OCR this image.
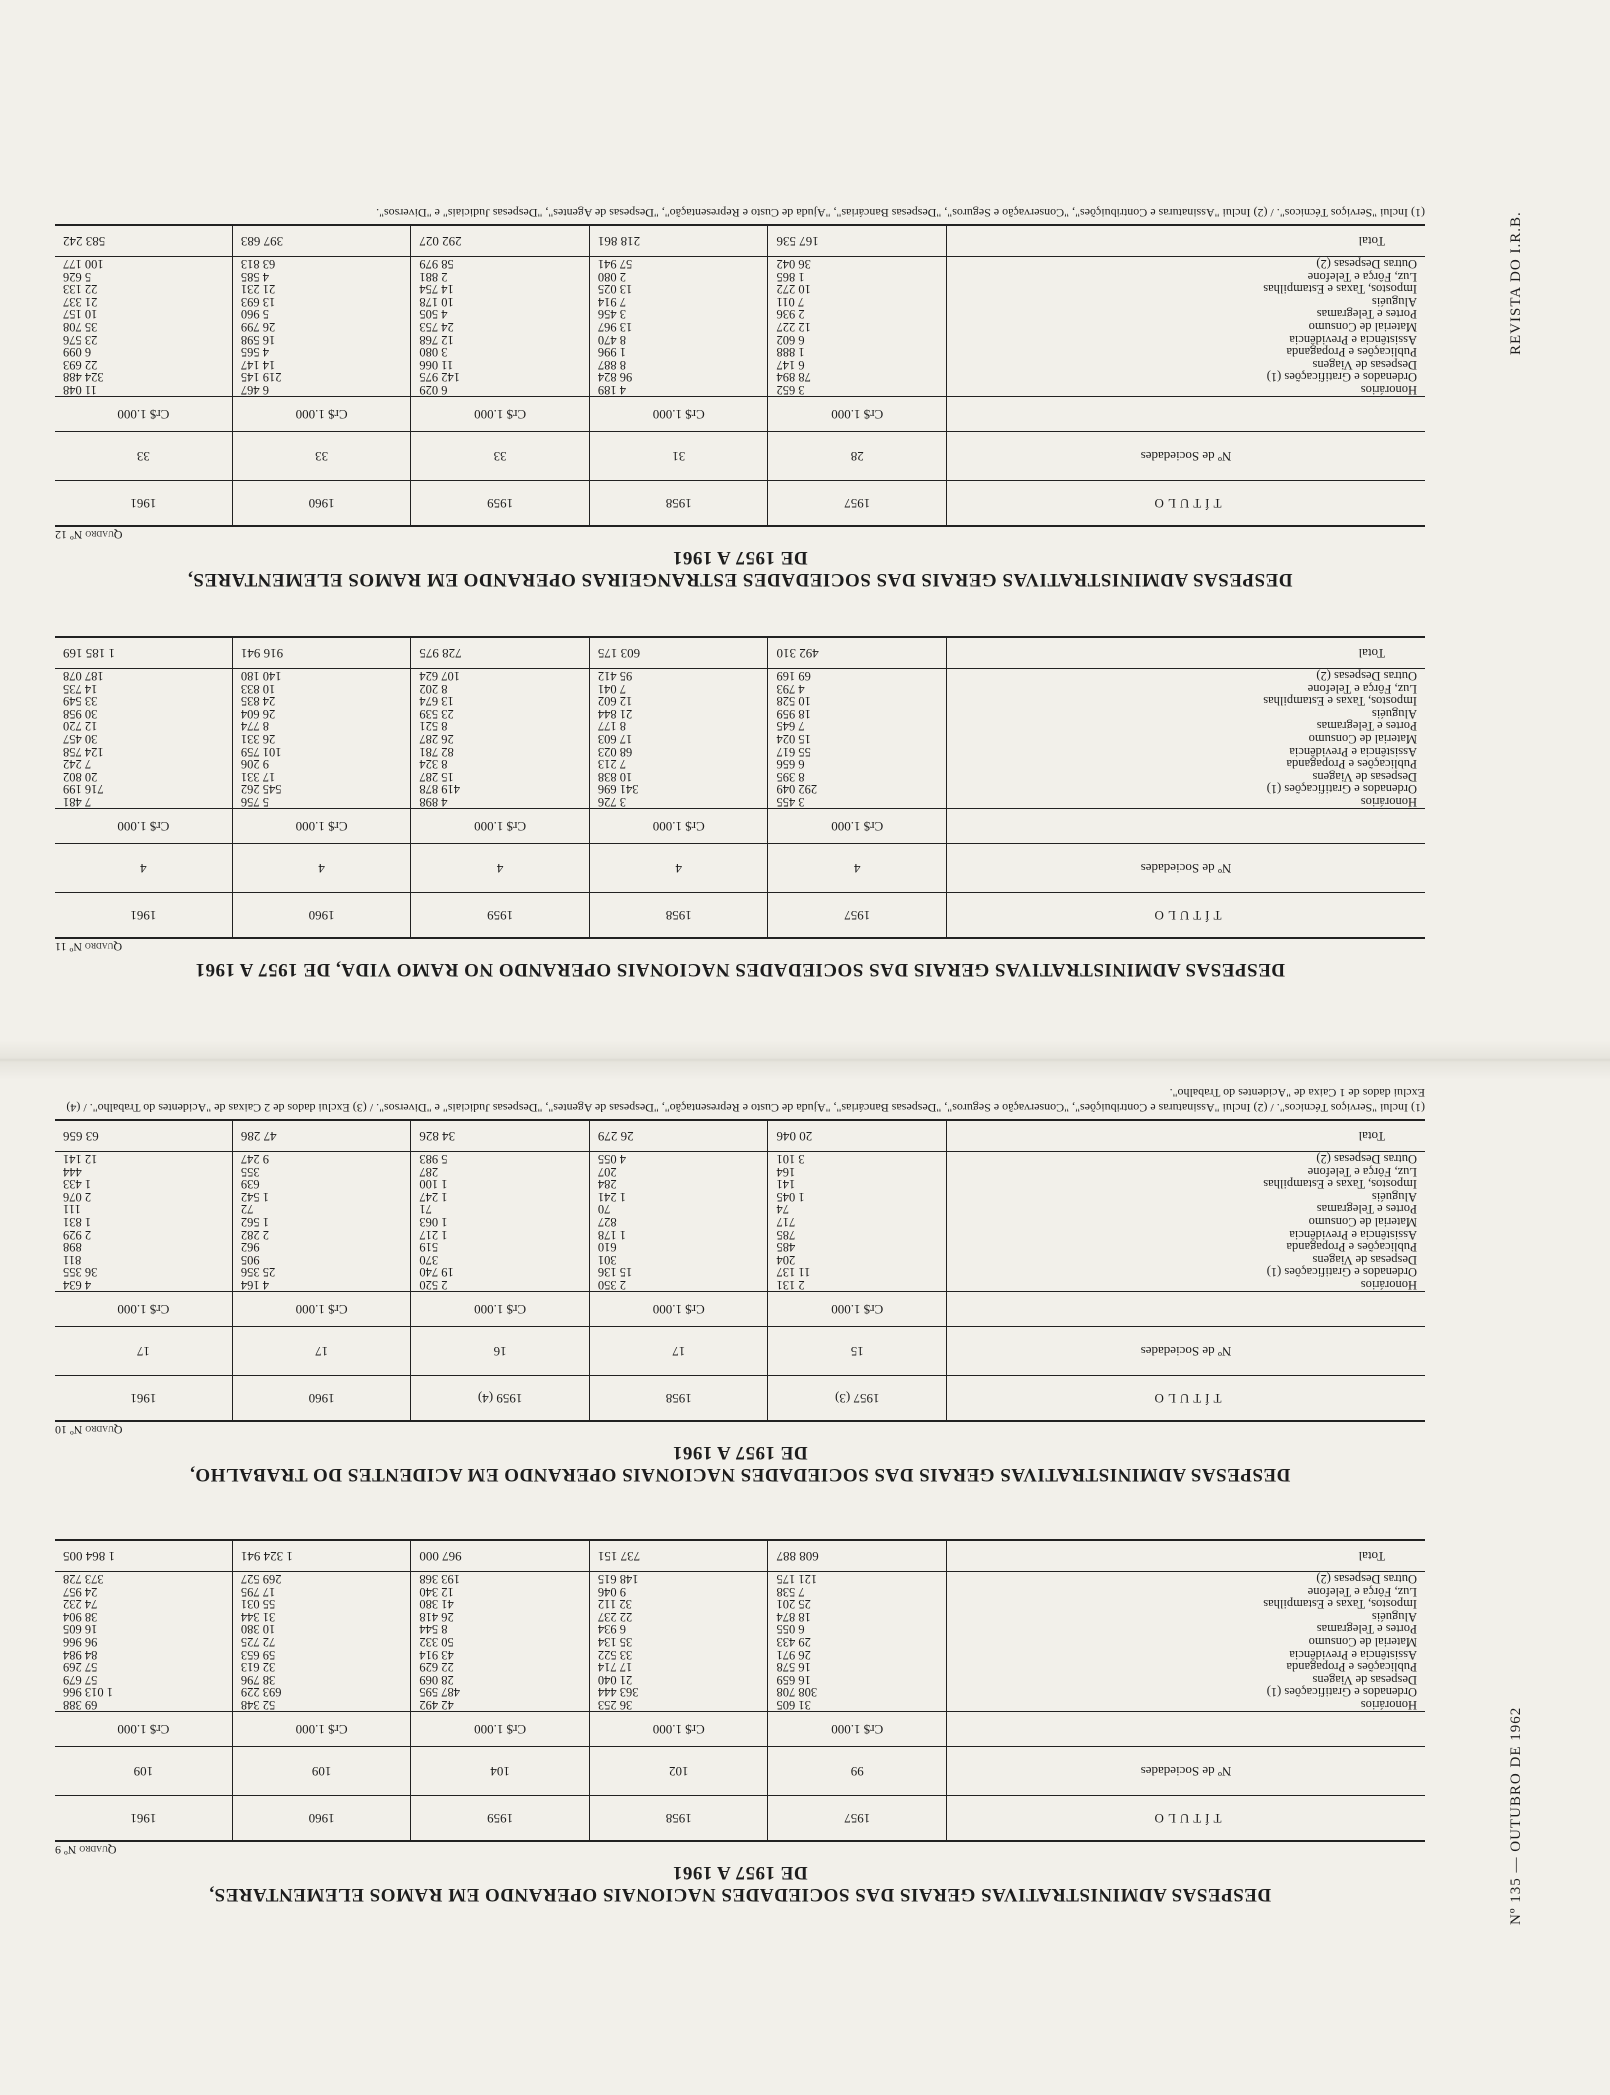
Nº 135 — OUTUBRO DE 1962
REVISTA DO I.R.B.
DESPESAS ADMINISTRATIVAS GERAIS DAS SOCIEDADES NACIONAIS OPERANDO EM RAMOS ELEMENTARES,
DE 1957 A 1961
Quadro Nº 9
TÍTULO	1957	1958	1959	1960	1961
Nº de Sociedades	99	102	104	109	109
	Cr$ 1.000	Cr$ 1.000	Cr$ 1.000	Cr$ 1.000	Cr$ 1.000
Honorários	31 605	36 253	42 492	52 348	69 388
Ordenados e Gratificações (1)	308 708	363 444	487 595	693 229	1 013 966
Despesas de Viagens	16 659	21 040	28 069	38 796	57 679
Publicações e Propaganda	16 578	17 714	22 629	32 613	57 269
Assistência e Previdência	26 971	33 522	43 914	59 653	84 984
Material de Consumo	29 433	35 134	50 332	72 725	96 966
Portes e Telegramas	6 055	6 934	8 544	10 380	16 605
Aluguéis	18 874	22 237	26 418	31 344	38 904
Impostos, Taxas e Estampilhas	25 201	32 112	41 380	55 031	74 232
Luz, Fôrça e Telefone	7 538	9 046	12 340	17 795	24 957
Outras Despesas (2)	121 175	148 615	193 368	269 527	373 728
Total	608 887	737 151	967 000	1 324 941	1 864 005
DESPESAS ADMINISTRATIVAS GERAIS DAS SOCIEDADES NACIONAIS OPERANDO EM ACIDENTES DO TRABALHO,
DE 1957 A 1961
Quadro Nº 10
TÍTULO	1957 (3)	1958	1959 (4)	1960	1961
Nº de Sociedades	15	17	16	17	17
	Cr$ 1.000	Cr$ 1.000	Cr$ 1.000	Cr$ 1.000	Cr$ 1.000
Honorários	2 131	2 350	2 520	4 164	4 634
Ordenados e Gratificações (1)	11 137	15 136	19 740	25 356	36 355
Despesas de Viagens	204	301	370	905	811
Publicações e Propaganda	485	610	519	962	898
Assistência e Previdência	785	1 178	1 217	2 282	2 929
Material de Consumo	717	827	1 063	1 562	1 831
Portes e Telegramas	74	70	71	72	111
Aluguéis	1 045	1 241	1 247	1 542	2 076
Impostos, Taxas e Estampilhas	141	284	1 100	639	1 433
Luz, Fôrça e Telefone	164	207	287	355	444
Outras Despesas (2)	3 101	4 055	5 983	9 247	12 141
Total	20 046	26 279	34 826	47 286	63 656
(1) Inclui "Serviços Técnicos". / (2) Inclui "Assinaturas e Contribuições", "Conservação e Seguros", "Despesas Bancárias", "Ajuda de Custo e Representação", "Despesas de Agentes", "Despesas Judiciais" e "Diversos". / (3) Exclui dados de 2 Caixas de "Acidentes do Trabalho". / (4) Exclui dados de 1 Caixa de "Acidentes do Trabalho".
DESPESAS ADMINISTRATIVAS GERAIS DAS SOCIEDADES NACIONAIS OPERANDO NO RAMO VIDA, DE 1957 A 1961
Quadro Nº 11
TÍTULO	1957	1958	1959	1960	1961
Nº de Sociedades	4	4	4	4	4
	Cr$ 1.000	Cr$ 1.000	Cr$ 1.000	Cr$ 1.000	Cr$ 1.000
Honorários	3 455	3 726	4 898	5 756	7 481
Ordenados e Gratificações (1)	292 049	341 696	419 878	545 262	716 199
Despesas de Viagens	8 395	10 838	15 287	17 331	20 802
Publicações e Propaganda	6 656	7 213	8 324	9 206	7 242
Assistência e Previdência	55 617	68 023	82 781	101 759	124 758
Material de Consumo	15 024	17 603	26 287	26 331	30 457
Portes e Telegramas	7 645	8 177	8 521	8 774	12 720
Aluguéis	18 959	21 844	23 539	26 604	30 958
Impostos, Taxas e Estampilhas	10 528	12 602	13 674	24 835	33 549
Luz, Fôrça e Telefone	4 793	7 041	8 202	10 833	14 735
Outras Despesas (2)	69 169	95 412	107 624	140 180	187 078
Total	492 310	603 175	728 975	916 941	1 185 169
DESPESAS ADMINISTRATIVAS GERAIS DAS SOCIEDADES ESTRANGEIRAS OPERANDO EM RAMOS ELEMENTARES,
DE 1957 A 1961
Quadro Nº 12
TÍTULO	1957	1958	1959	1960	1961
Nº de Sociedades	28	31	33	33	33
	Cr$ 1.000	Cr$ 1.000	Cr$ 1.000	Cr$ 1.000	Cr$ 1.000
Honorários	3 652	4 189	6 029	6 467	11 048
Ordenados e Gratificações (1)	78 894	96 824	142 975	219 145	324 488
Despesas de Viagens	6 147	8 887	11 066	14 147	22 693
Publicações e Propaganda	1 888	1 996	3 080	4 565	6 099
Assistência e Previdência	6 602	8 470	12 768	16 598	23 576
Material de Consumo	12 227	13 967	24 753	26 799	35 708
Portes e Telegramas	2 936	3 456	4 505	5 960	10 157
Aluguéis	7 011	7 914	10 178	13 693	21 337
Impostos, Taxas e Estampilhas	10 272	13 025	14 754	21 231	22 133
Luz, Fôrça e Telefone	1 865	2 080	2 881	4 585	5 626
Outras Despesas (2)	36 042	57 941	58 979	63 813	100 177
Total	167 536	218 861	292 027	397 683	583 242
(1) Inclui "Serviços Técnicos". / (2) Inclui "Assinaturas e Contribuições", "Conservação e Seguros", "Despesas Bancárias", "Ajuda de Custo e Representação", "Despesas de Agentes", "Despesas Judiciais" e "Diversos".
